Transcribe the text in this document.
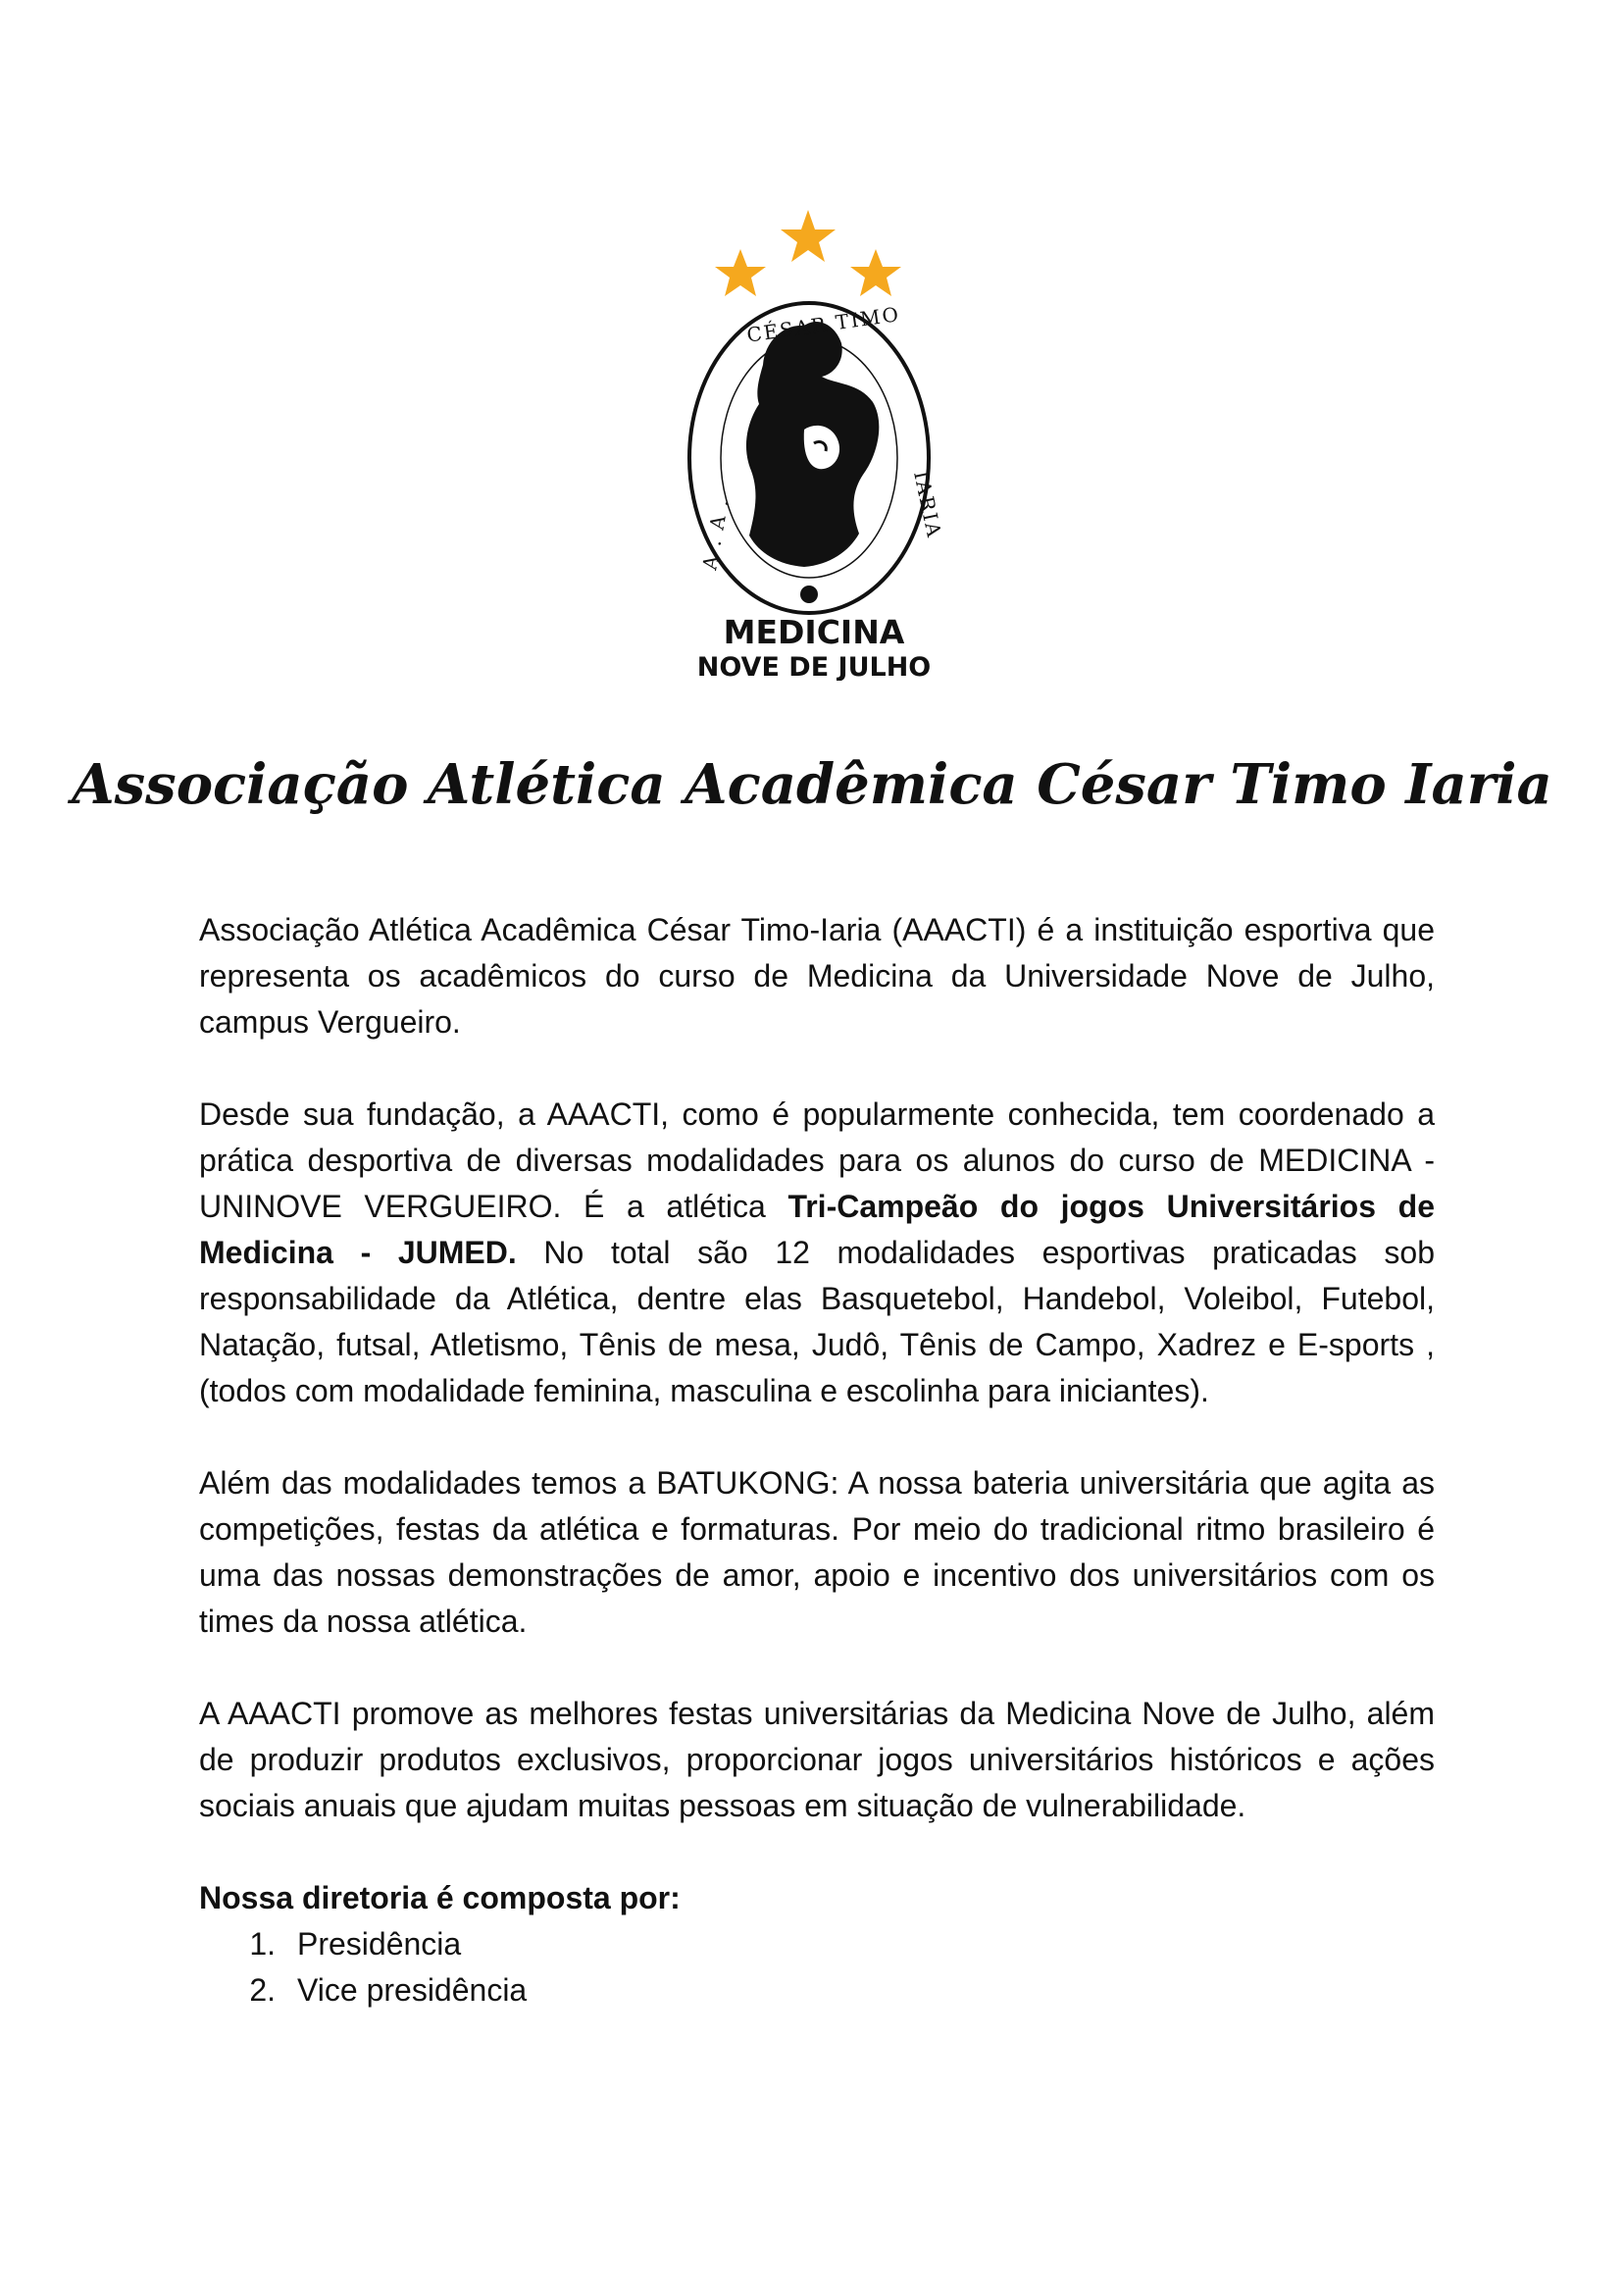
A . A .
CÉSAR TIMO
IARIA
MEDICINA
NOVE DE JULHO
Associação Atlética Acadêmica César Timo Iaria

Associação Atlética Acadêmica César Timo-Iaria (AAACTI) é a instituição esportiva que representa os acadêmicos do curso de Medicina da Universidade Nove de Julho, campus Vergueiro.

Desde sua fundação, a AAACTI, como é popularmente conhecida, tem coordenado a prática desportiva de diversas modalidades para os alunos do curso de MEDICINA - UNINOVE VERGUEIRO. É a atlética Tri-Campeão do jogos Universitários de Medicina - JUMED. No total são 12 modalidades esportivas praticadas sob responsabilidade da Atlética, dentre elas Basquetebol, Handebol, Voleibol, Futebol, Natação, futsal, Atletismo, Tênis de mesa, Judô, Tênis de Campo, Xadrez e E-sports , (todos com modalidade feminina, masculina e escolinha para iniciantes).

Além das modalidades temos a BATUKONG: A nossa bateria universitária que agita as competições, festas da atlética e formaturas. Por meio do tradicional ritmo brasileiro é uma das nossas demonstrações de amor, apoio e incentivo dos universitários com os times da nossa atlética.

A AAACTI promove as melhores festas universitárias da Medicina Nove de Julho, além de produzir produtos exclusivos, proporcionar jogos universitários históricos e ações sociais anuais que ajudam muitas pessoas em situação de vulnerabilidade.

Nossa diretoria é composta por:

1. Presidência
2. Vice presidência
